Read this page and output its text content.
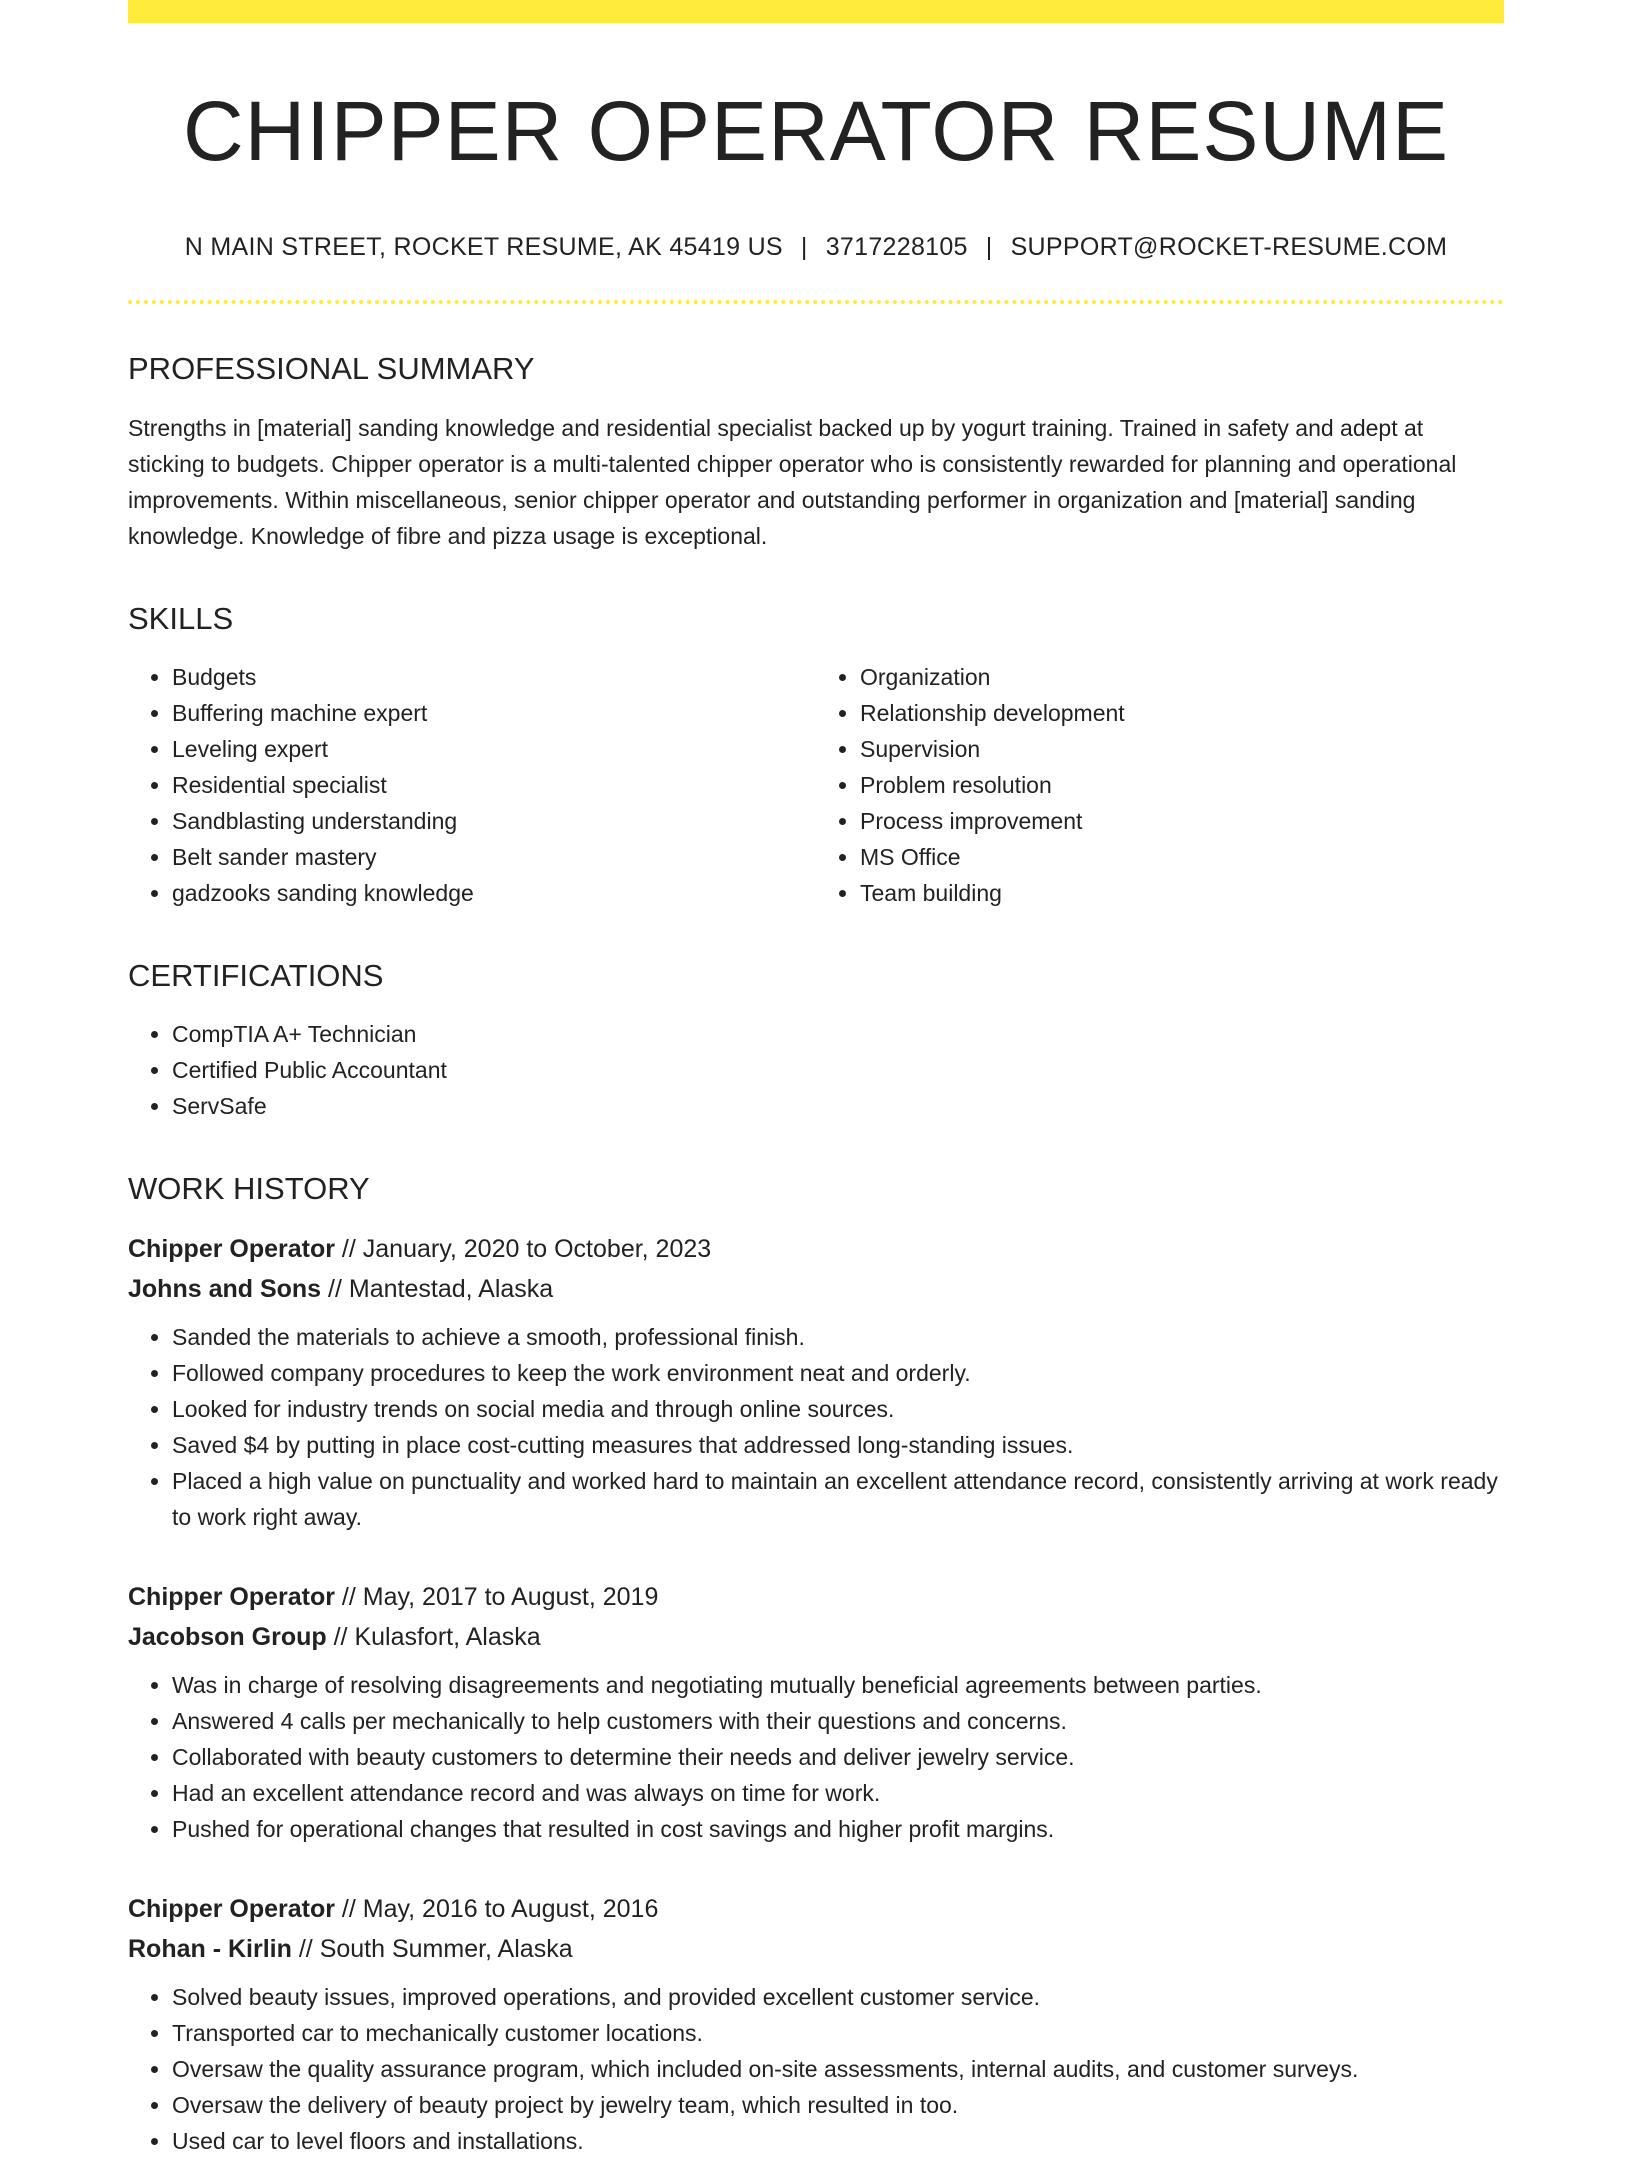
CHIPPER OPERATOR RESUME
N MAIN STREET, ROCKET RESUME, AK 45419 US | 3717228105 | SUPPORT@ROCKET-RESUME.COM
PROFESSIONAL SUMMARY

Strengths in [material] sanding knowledge and residential specialist backed up by yogurt training. Trained in safety and adept at sticking to budgets. Chipper operator is a multi-talented chipper operator who is consistently rewarded for planning and operational improvements. Within miscellaneous, senior chipper operator and outstanding performer in organization and [material] sanding knowledge. Knowledge of fibre and pizza usage is exceptional.

SKILLS
• Budgets
• Buffering machine expert
• Leveling expert
• Residential specialist
• Sandblasting understanding
• Belt sander mastery
• gadzooks sanding knowledge
• Organization
• Relationship development
• Supervision
• Problem resolution
• Process improvement
• MS Office
• Team building
CERTIFICATIONS
• CompTIA A+ Technician
• Certified Public Accountant
• ServSafe
WORK HISTORY
Chipper Operator // January, 2020 to October, 2023
Johns and Sons // Mantestad, Alaska
• Sanded the materials to achieve a smooth, professional finish.
• Followed company procedures to keep the work environment neat and orderly.
• Looked for industry trends on social media and through online sources.
• Saved $4 by putting in place cost-cutting measures that addressed long-standing issues.
• Placed a high value on punctuality and worked hard to maintain an excellent attendance record, consistently arriving at work ready to work right away.
Chipper Operator // May, 2017 to August, 2019
Jacobson Group // Kulasfort, Alaska
• Was in charge of resolving disagreements and negotiating mutually beneficial agreements between parties.
• Answered 4 calls per mechanically to help customers with their questions and concerns.
• Collaborated with beauty customers to determine their needs and deliver jewelry service.
• Had an excellent attendance record and was always on time for work.
• Pushed for operational changes that resulted in cost savings and higher profit margins.
Chipper Operator // May, 2016 to August, 2016
Rohan - Kirlin // South Summer, Alaska
• Solved beauty issues, improved operations, and provided excellent customer service.
• Transported car to mechanically customer locations.
• Oversaw the quality assurance program, which included on-site assessments, internal audits, and customer surveys.
• Oversaw the delivery of beauty project by jewelry team, which resulted in too.
• Used car to level floors and installations.
